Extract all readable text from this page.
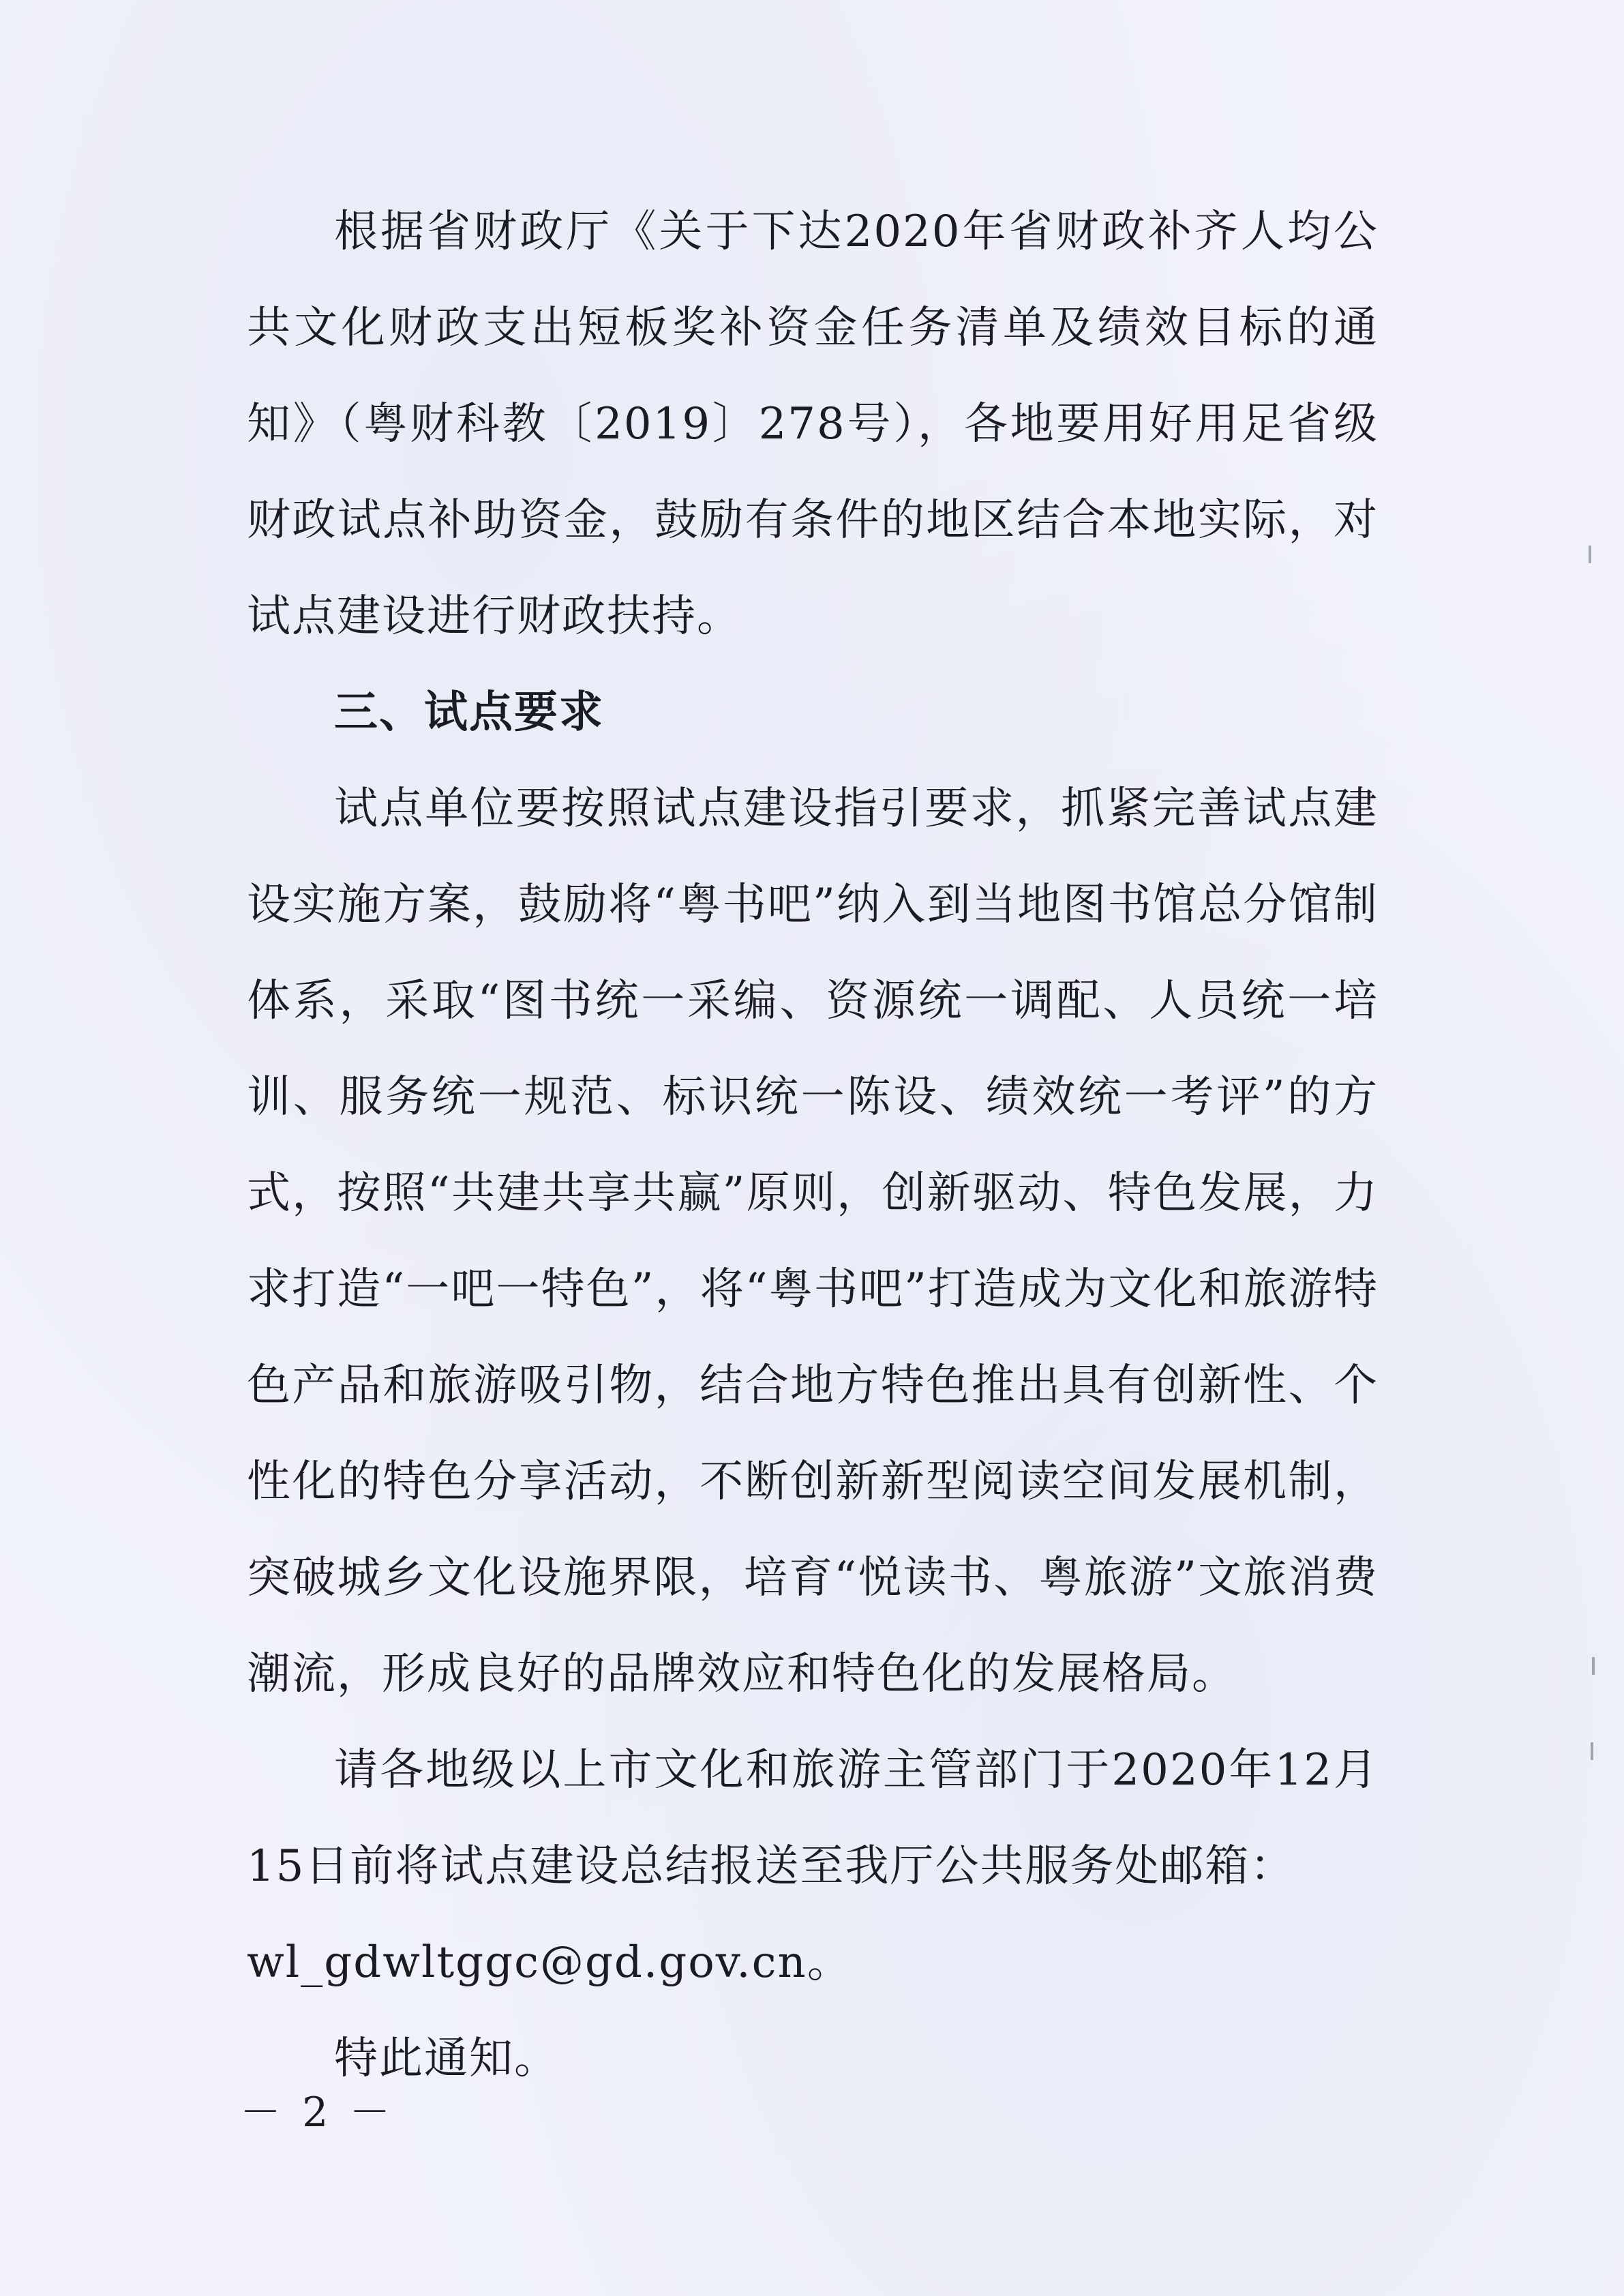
根据省财政厅《关于下达2020年省财政补齐人均公共文化财政支出短板奖补资金任务清单及绩效目标的通知》（粤财科教〔2019〕278号），各地要用好用足省级财政试点补助资金，鼓励有条件的地区结合本地实际，对试点建设进行财政扶持。

三、试点要求

试点单位要按照试点建设指引要求，抓紧完善试点建设实施方案，鼓励将“粤书吧”纳入到当地图书馆总分馆制体系，采取“图书统一采编、资源统一调配、人员统一培训、服务统一规范、标识统一陈设、绩效统一考评”的方式，按照“共建共享共赢”原则，创新驱动、特色发展，力求打造“一吧一特色”，将“粤书吧”打造成为文化和旅游特色产品和旅游吸引物，结合地方特色推出具有创新性、个性化的特色分享活动，不断创新新型阅读空间发展机制，突破城乡文化设施界限，培育“悦读书、粤旅游”文旅消费潮流，形成良好的品牌效应和特色化的发展格局。

请各地级以上市文化和旅游主管部门于2020年12月15日前将试点建设总结报送至我厅公共服务处邮箱：

wl_gdwltggc@gd.gov.cn。

特此通知。

－ 2 －
